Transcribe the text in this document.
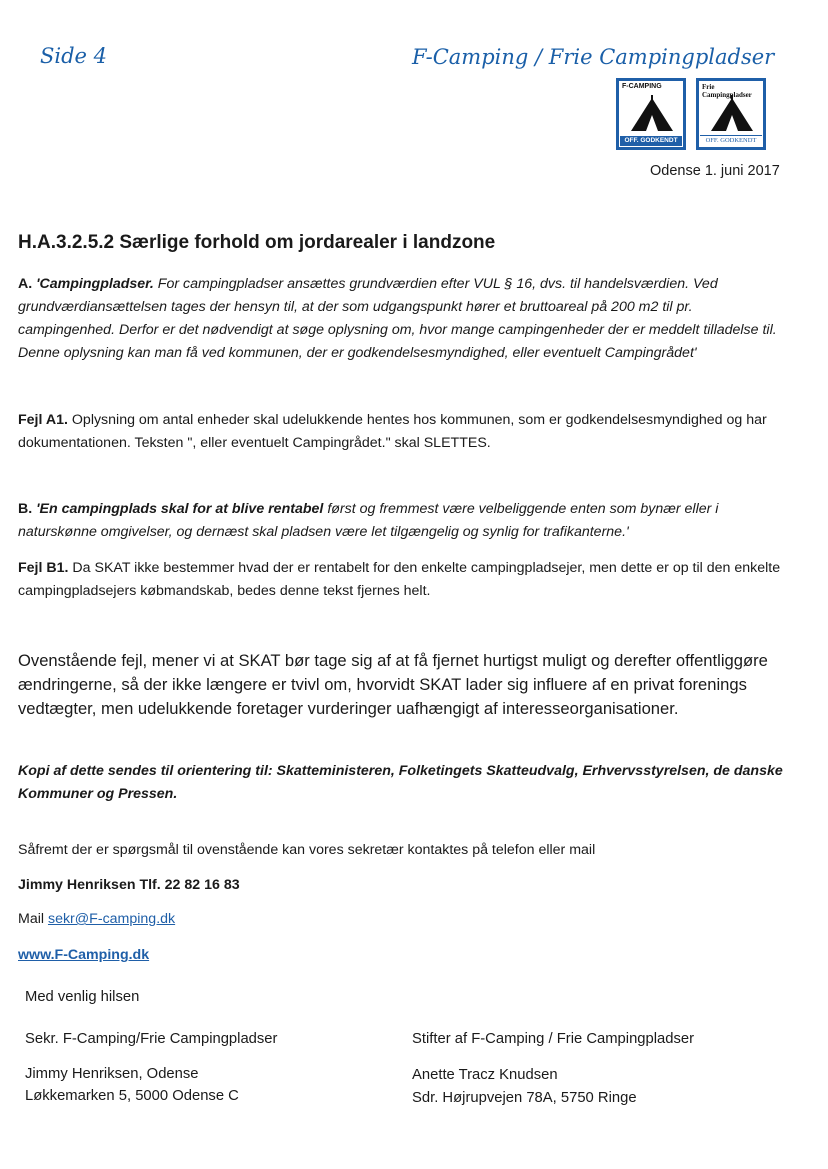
Side 4	F-Camping / Frie Campingpladser
F-CAMPING
OFF. GODKENDT
Frie Campingpladser
OFF. GODKENDT
Odense 1. juni 2017
H.A.3.2.5.2 Særlige forhold om jordarealer i landzone

A. 'Campingpladser. For campingpladser ansættes grundværdien efter VUL § 16, dvs. til handelsværdien. Ved grundværdiansættelsen tages der hensyn til, at der som udgangspunkt hører et bruttoareal på 200 m2 til pr. campingenhed. Derfor er det nødvendigt at søge oplysning om, hvor mange campingenheder der er meddelt tilladelse til. Denne oplysning kan man få ved kommunen, der er godkendelsesmyndighed, eller eventuelt Campingrådet'

Fejl A1. Oplysning om antal enheder skal udelukkende hentes hos kommunen, som er godkendelsesmyndighed og har dokumentationen. Teksten ", eller eventuelt Campingrådet." skal SLETTES.

B. 'En campingplads skal for at blive rentabel først og fremmest være velbeliggende enten som bynær eller i naturskønne omgivelser, og dernæst skal pladsen være let tilgængelig og synlig for trafikanterne.'

Fejl B1. Da SKAT ikke bestemmer hvad der er rentabelt for den enkelte campingpladsejer, men dette er op til den enkelte campingpladsejers købmandskab, bedes denne tekst fjernes helt.

Ovenstående fejl, mener vi at SKAT bør tage sig af at få fjernet hurtigst muligt og derefter offentliggøre ændringerne, så der ikke længere er tvivl om, hvorvidt SKAT lader sig influere af en privat forenings vedtægter, men udelukkende foretager vurderinger uafhængigt af interesseorganisationer.

Kopi af dette sendes til orientering til: Skatteministeren, Folketingets Skatteudvalg, Erhvervsstyrelsen, de danske Kommuner og Pressen.

Såfremt der er spørgsmål til ovenstående kan vores sekretær kontaktes på telefon eller mail

Jimmy Henriksen Tlf. 22 82 16 83

Mail sekr@F-camping.dk

www.F-Camping.dk

Med venlig hilsen

Sekr. F-Camping/Frie Campingpladser

Jimmy Henriksen, Odense

Løkkemarken 5, 5000 Odense C

Stifter af F-Camping / Frie Campingpladser

Anette Tracz Knudsen

Sdr. Højrupvejen 78A, 5750 Ringe
